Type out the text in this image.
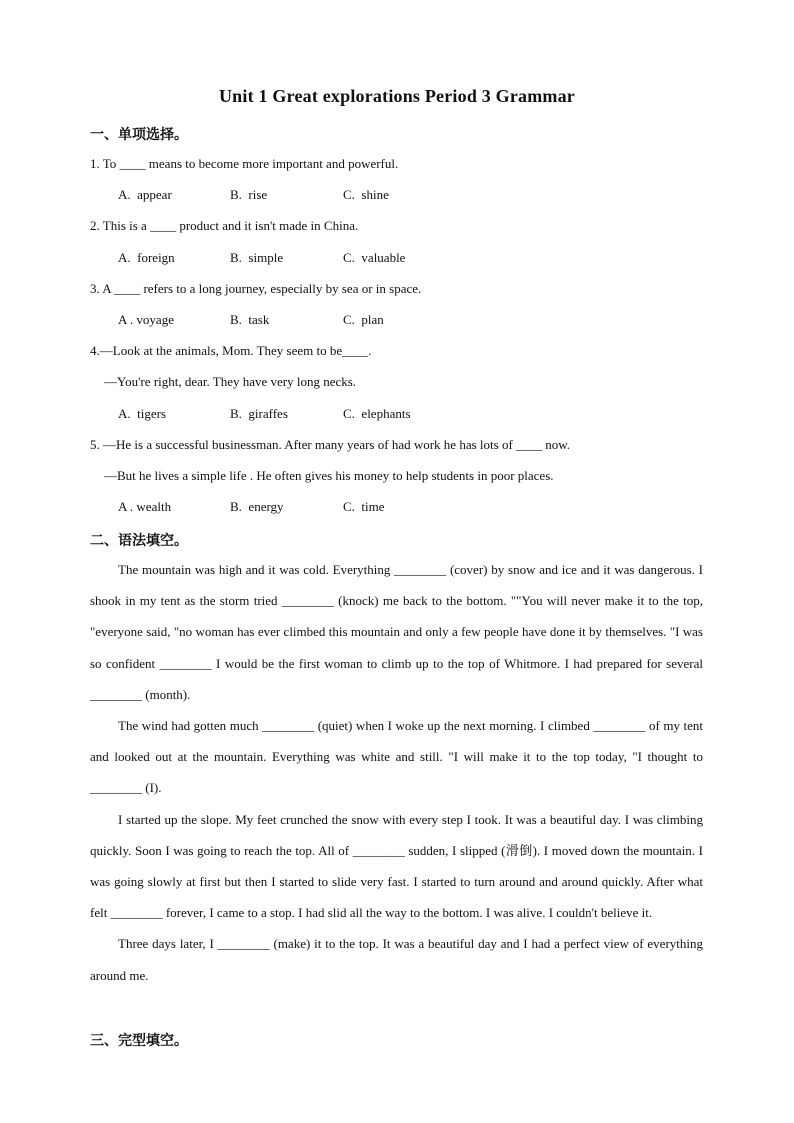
Unit 1 Great explorations Period 3 Grammar
一、单项选择。
1. To ____ means to become more important and powerful.
A.  appear	B.  rise	C.  shine
2. This is a ____ product and it isn't made in China.
A.  foreign	B.  simple	C.  valuable
3. A ____ refers to a long journey, especially by sea or in space.
A . voyage	B.  task	C.  plan
4.—Look at the animals, Mom. They seem to be____.
—You're right, dear. They have very long necks.
A.  tigers	B.  giraffes	C.  elephants
5. —He is a successful businessman. After many years of had work he has lots of ____ now.
—But he lives a simple life . He often gives his money to help students in poor places.
A . wealth	B.  energy	C.  time
二、语法填空。

The mountain was high and it was cold. Everything ________ (cover) by snow and ice and it was dangerous. I shook in my tent as the storm tried ________ (knock) me back to the bottom. ""You will never make it to the top, "everyone said, "no woman has ever climbed this mountain and only a few people have done it by themselves. "I was so confident ________ I would be the first woman to climb up to the top of Whitmore. I had prepared for several ________ (month).

The wind had gotten much ________ (quiet) when I woke up the next morning. I climbed ________ of my tent and looked out at the mountain. Everything was white and still. "I will make it to the top today, "I thought to ________ (I).

I started up the slope. My feet crunched the snow with every step I took. It was a beautiful day. I was climbing quickly. Soon I was going to reach the top. All of ________ sudden, I slipped (滑倒). I moved down the mountain. I was going slowly at first but then I started to slide very fast. I started to turn around and around quickly. After what felt ________ forever, I came to a stop. I had slid all the way to the bottom. I was alive. I couldn't believe it.

Three days later, I ________ (make) it to the top. It was a beautiful day and I had a perfect view of everything around me.

三、完型填空。
